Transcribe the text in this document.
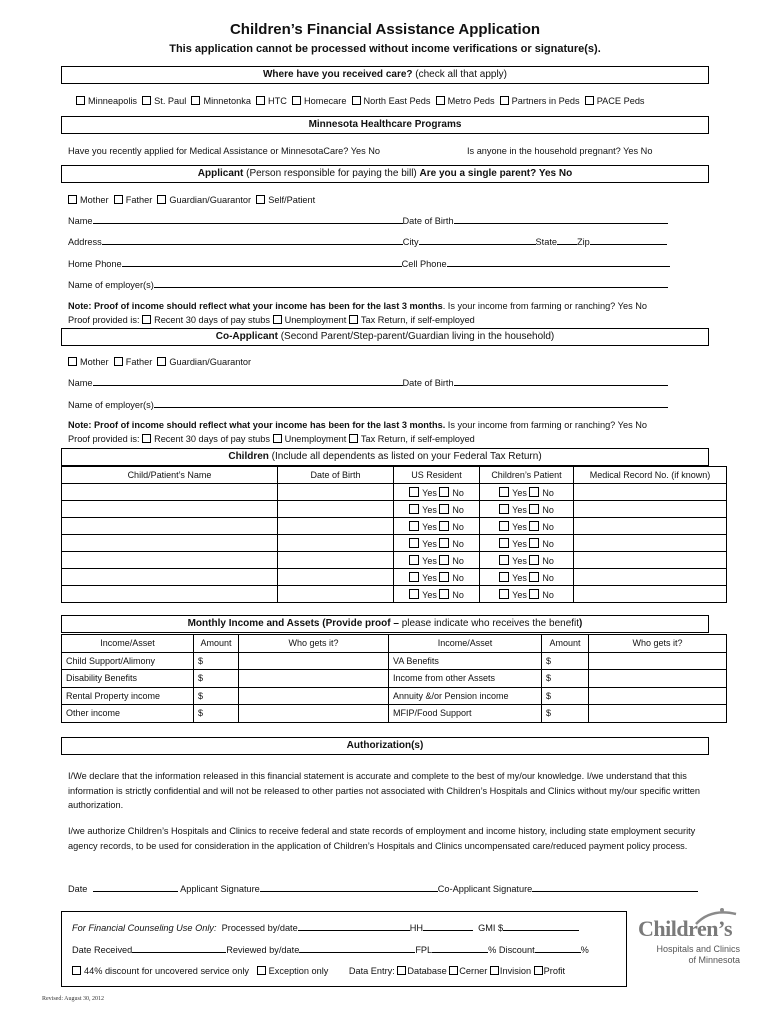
Children’s Financial Assistance Application
This application cannot be processed without income verifications or signature(s).
Where have you received care? (check all that apply)
Minneapolis St. Paul Minnetonka HTC Homecare North East Peds Metro Peds Partners in Peds PACE Peds
Minnesota Healthcare Programs
Have you recently applied for Medical Assistance or MinnesotaCare? Yes No	Is anyone in the household pregnant? Yes No
Applicant (Person responsible for paying the bill) Are you a single parent? Yes No
Mother Father Guardian/Guarantor Self/Patient
Name	Date of Birth
Address	City	State Zip
Home Phone	Cell Phone
Name of employer(s)
Note: Proof of income should reflect what your income has been for the last 3 months. Is your income from farming or ranching? Yes No
Proof provided is: Recent 30 days of pay stubs Unemployment Tax Return, if self-employed
Co-Applicant (Second Parent/Step-parent/Guardian living in the household)
Mother Father Guardian/Guarantor
Name	Date of Birth
Name of employer(s)
Note: Proof of income should reflect what your income has been for the last 3 months. Is your income from farming or ranching? Yes No
Proof provided is: Recent 30 days of pay stubs Unemployment Tax Return, if self-employed
Children (Include all dependents as listed on your Federal Tax Return)
Child/Patient’s Name	Date of Birth	US Resident	Children’s Patient	Medical Record No. (if known)
		Yes No	Yes No	
		Yes No	Yes No	
		Yes No	Yes No	
		Yes No	Yes No	
		Yes No	Yes No	
		Yes No	Yes No	
		Yes No	Yes No	
Monthly Income and Assets (Provide proof – please indicate who receives the benefit)
Income/Asset	Amount	Who gets it?	Income/Asset	Amount	Who gets it?
Child Support/Alimony	$		VA Benefits	$	
Disability Benefits	$		Income from other Assets	$	
Rental Property income	$		Annuity &/or Pension income	$	
Other income	$		MFIP/Food Support	$	
Authorization(s)
I/We declare that the information released in this financial statement is accurate and complete to the best of my/our knowledge. I/we understand that this information is strictly confidential and will not be released to other parties not associated with Children’s Hospitals and Clinics without my/our specific written authorization.
I/we authorize Children’s Hospitals and Clinics to receive federal and state records of employment and income history, including state employment security agency records, to be used for consideration in the application of Children’s Hospitals and Clinics uncompensated care/reduced payment policy process.
Date	Applicant Signature	Co-Applicant Signature
For Financial Counseling Use Only: Processed by/date	HH	GMI $
Date Received	Reviewed by/date	FPL	% Discount	%
44% discount for uncovered service only Exception only Data Entry: Database Cerner Invision Profit
Children’s
Hospitals and Clinics
of Minnesota
Revised: August 30, 2012
